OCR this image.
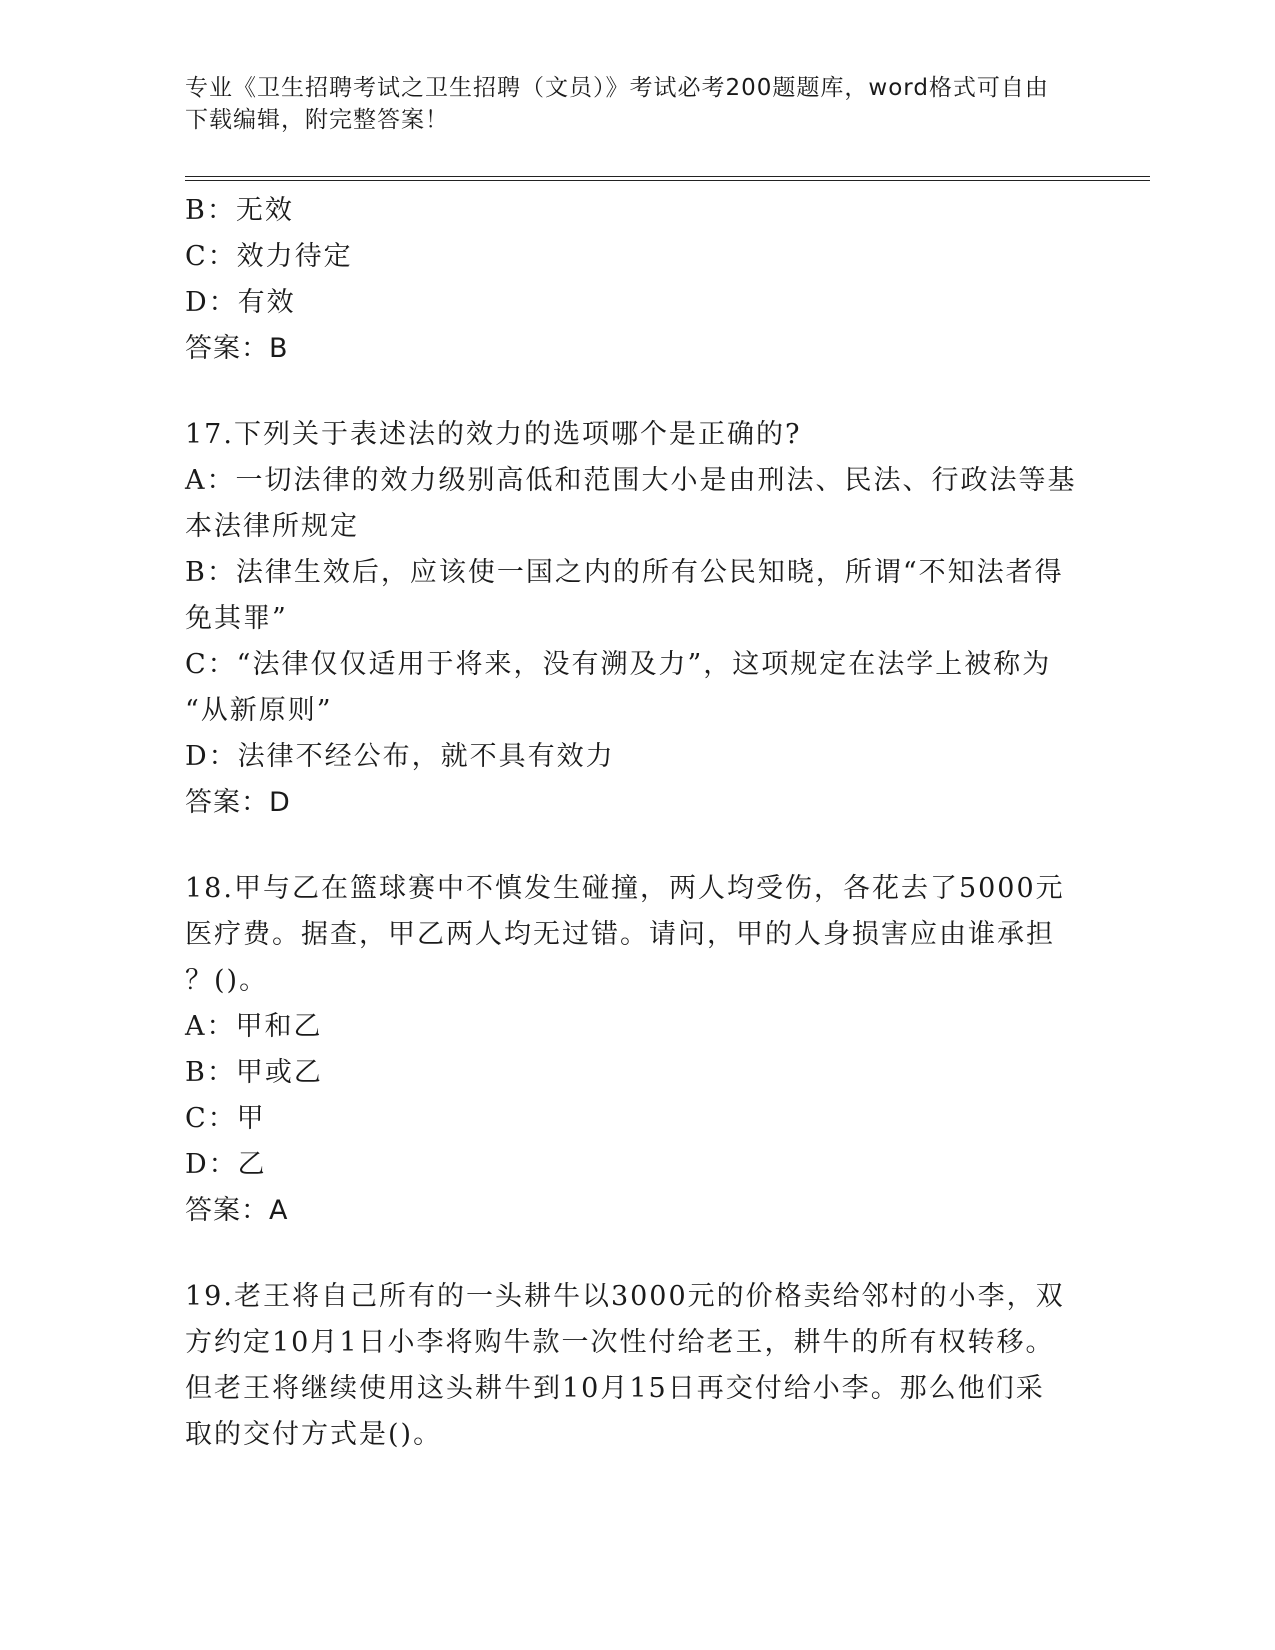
专业《卫生招聘考试之卫生招聘（文员）》考试必考200题题库，word格式可自由下载编辑，附完整答案！
B：无效
C：效力待定
D：有效
答案：B
17.下列关于表述法的效力的选项哪个是正确的?
A：一切法律的效力级别高低和范围大小是由刑法、民法、行政法等基
本法律所规定
B：法律生效后，应该使一国之内的所有公民知晓，所谓“不知法者得
免其罪”
C：“法律仅仅适用于将来，没有溯及力”，这项规定在法学上被称为
“从新原则”
D：法律不经公布，就不具有效力
答案：D
18.甲与乙在篮球赛中不慎发生碰撞，两人均受伤，各花去了5000元
医疗费。据查，甲乙两人均无过错。请问，甲的人身损害应由谁承担
？()。
A：甲和乙
B：甲或乙
C：甲
D：乙
答案：A
19.老王将自己所有的一头耕牛以3000元的价格卖给邻村的小李，双
方约定10月1日小李将购牛款一次性付给老王，耕牛的所有权转移。
但老王将继续使用这头耕牛到10月15日再交付给小李。那么他们采
取的交付方式是()。
